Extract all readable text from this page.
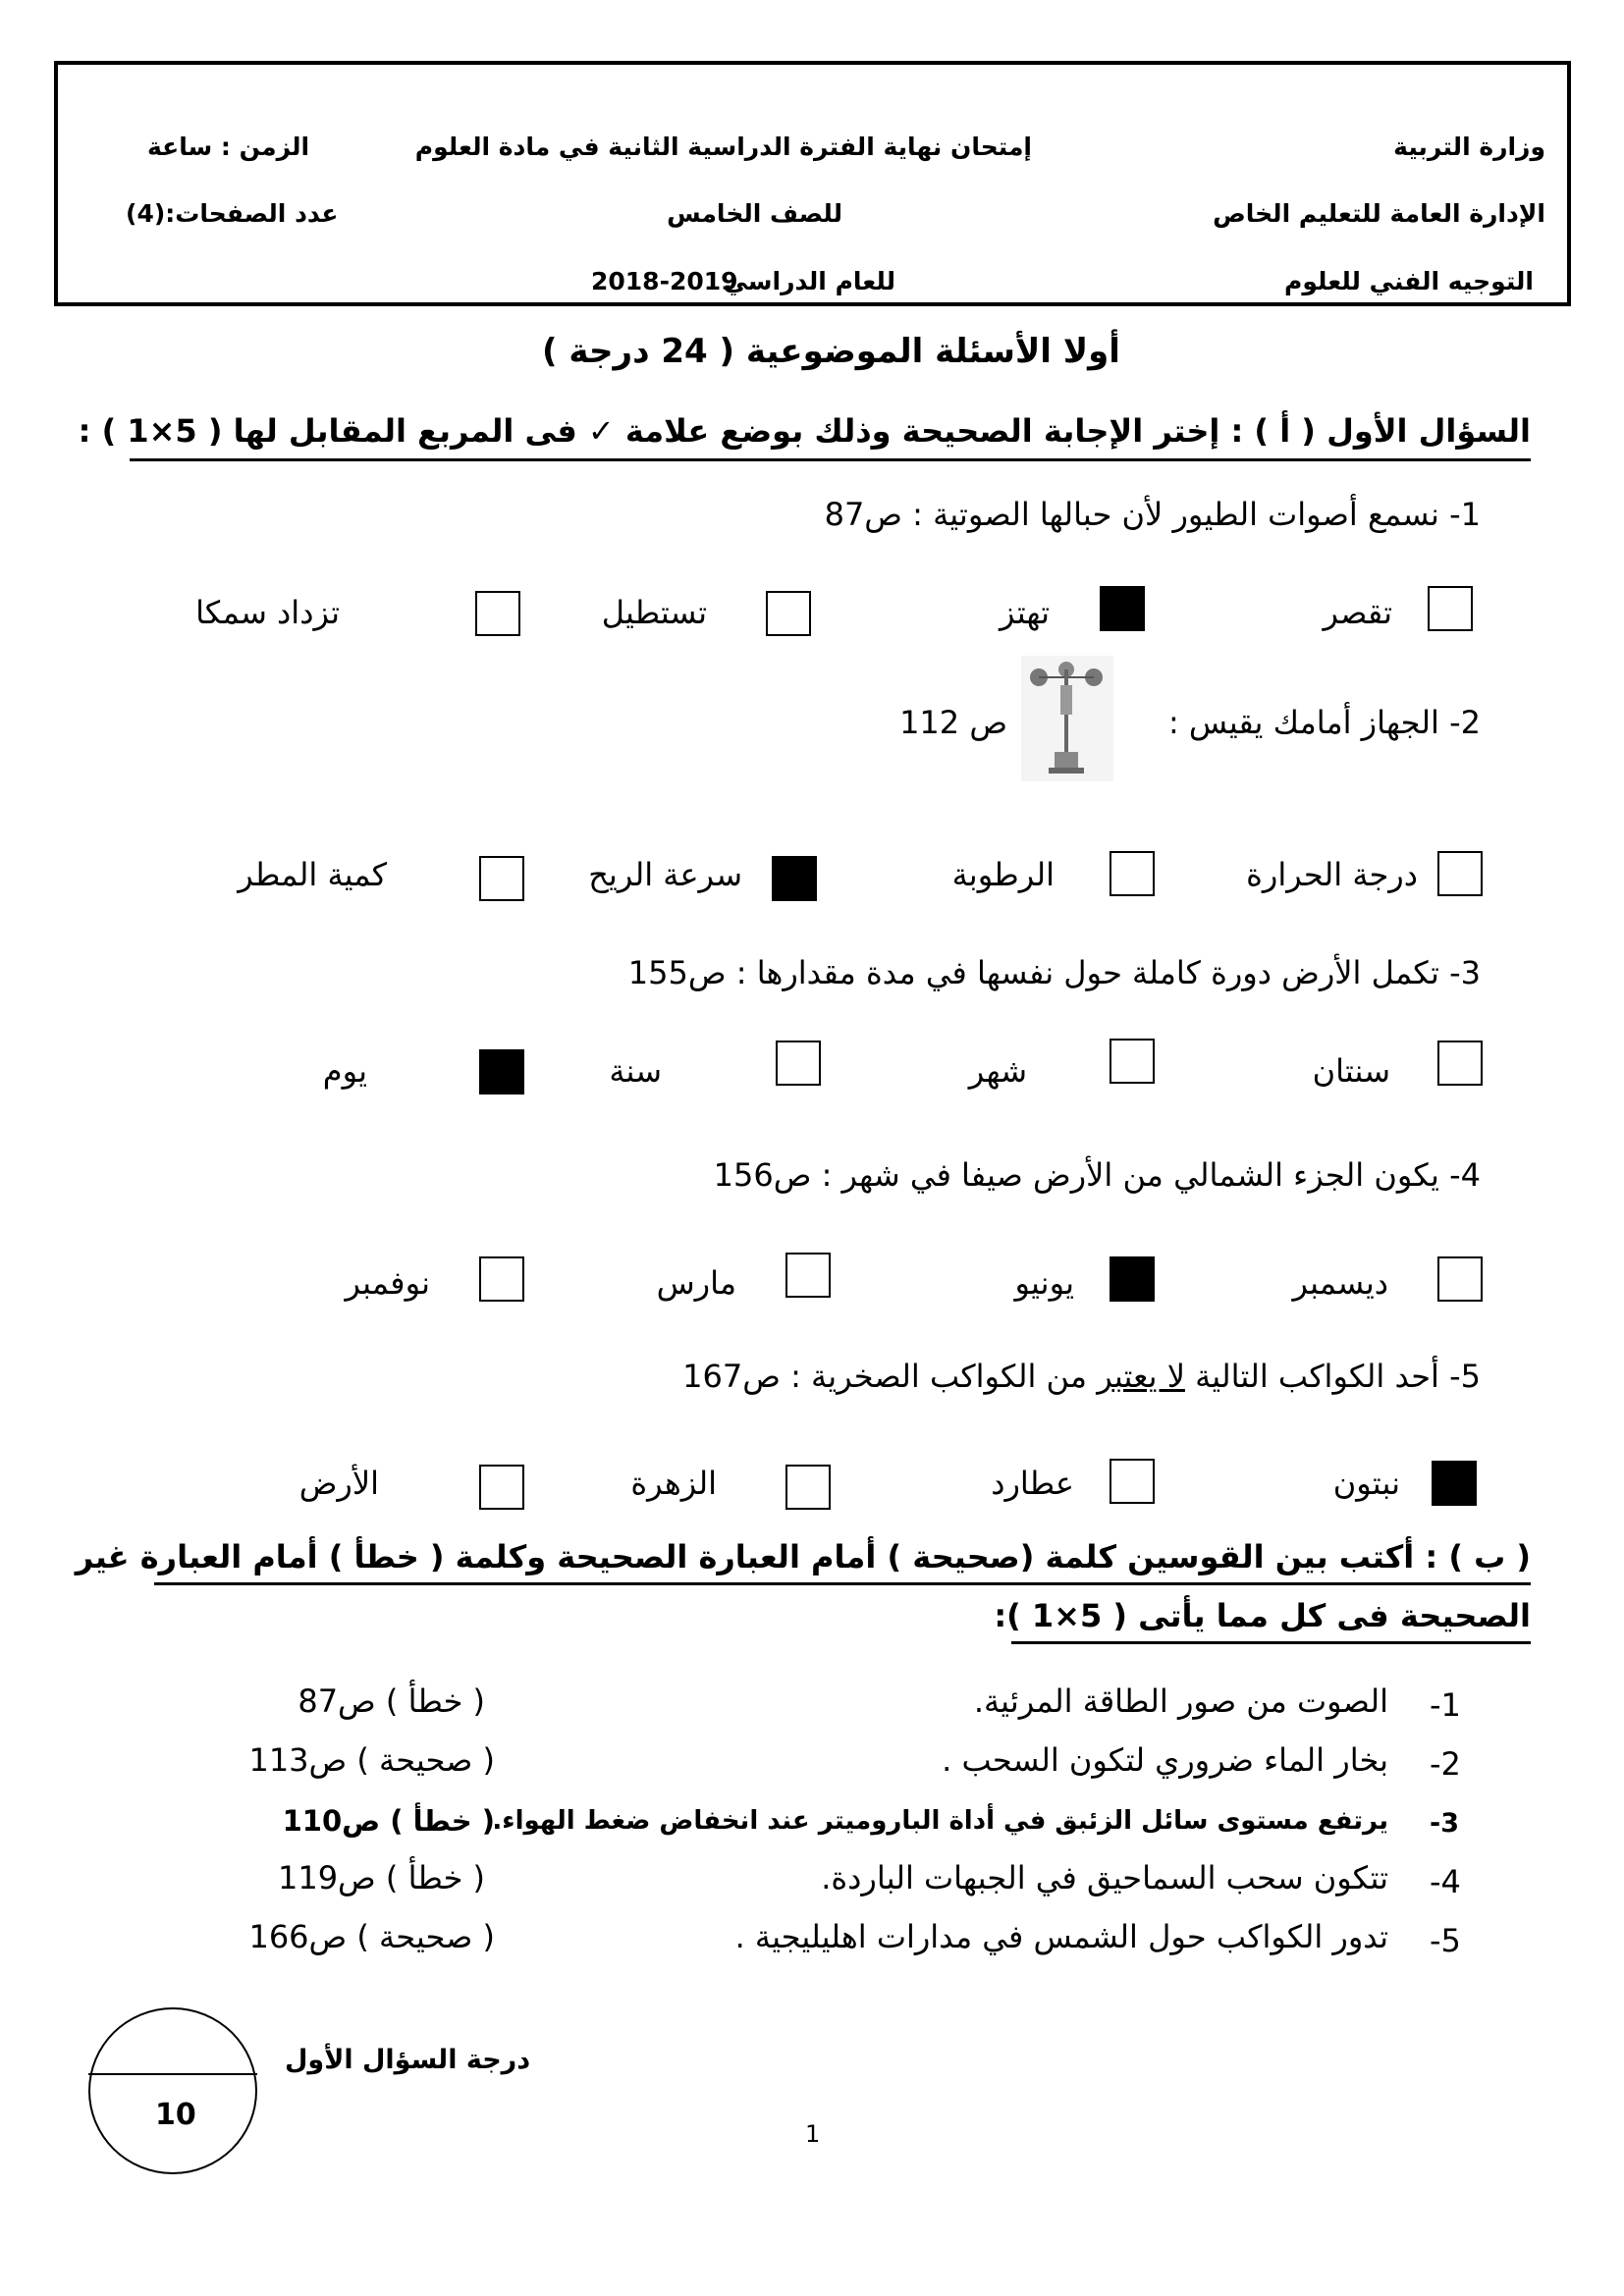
وزارة التربية
الإدارة العامة للتعليم الخاص
التوجيه الفني للعلوم
إمتحان نهاية الفترة الدراسية الثانية في مادة العلوم
للصف الخامس
للعام الدراسي
2018-2019
الزمن : ساعة
عدد الصفحات:(4)
أولا الأسئلة الموضوعية ( 24 درجة )
السؤال الأول ( أ ) : إختر الإجابة الصحيحة وذلك بوضع علامة ✓ فى المربع المقابل لها ( 5×1 ) :
1- نسمع أصوات الطيور لأن حبالها الصوتية : ص87
تقصر
تهتز
تستطيل
تزداد سمكا
2- الجهاز أمامك يقيس :
ص 112
درجة الحرارة
الرطوبة
سرعة الريح
كمية المطر
3- تكمل الأرض دورة كاملة حول نفسها في مدة مقدارها : ص155
سنتان
شهر
سنة
يوم
4- يكون الجزء الشمالي من الأرض صيفا في شهر : ص156
ديسمبر
يونيو
مارس
نوفمبر
5- أحد الكواكب التالية لا يعتبر من الكواكب الصخرية : ص167
نبتون
عطارد
الزهرة
الأرض
( ب ) : أكتب بين القوسين كلمة (صحيحة ) أمام العبارة الصحيحة وكلمة ( خطأ ) أمام العبارة غير
الصحيحة فى كل مما يأتى ( 5×1 ):
-1
الصوت من صور الطاقة المرئية.
( خطأ ) ص87
-2
بخار الماء ضروري لتكون السحب .
( صحيحة ) ص113
-3
يرتفع مستوى سائل الزئبق في أداة الباروميتر عند انخفاض ضغط الهواء.
( خطأ ) ص110
-4
تتكون سحب السماحيق في الجبهات الباردة.
( خطأ ) ص119
-5
تدور الكواكب حول الشمس في مدارات اهليليجية .
( صحيحة ) ص166
10
درجة السؤال الأول
1
